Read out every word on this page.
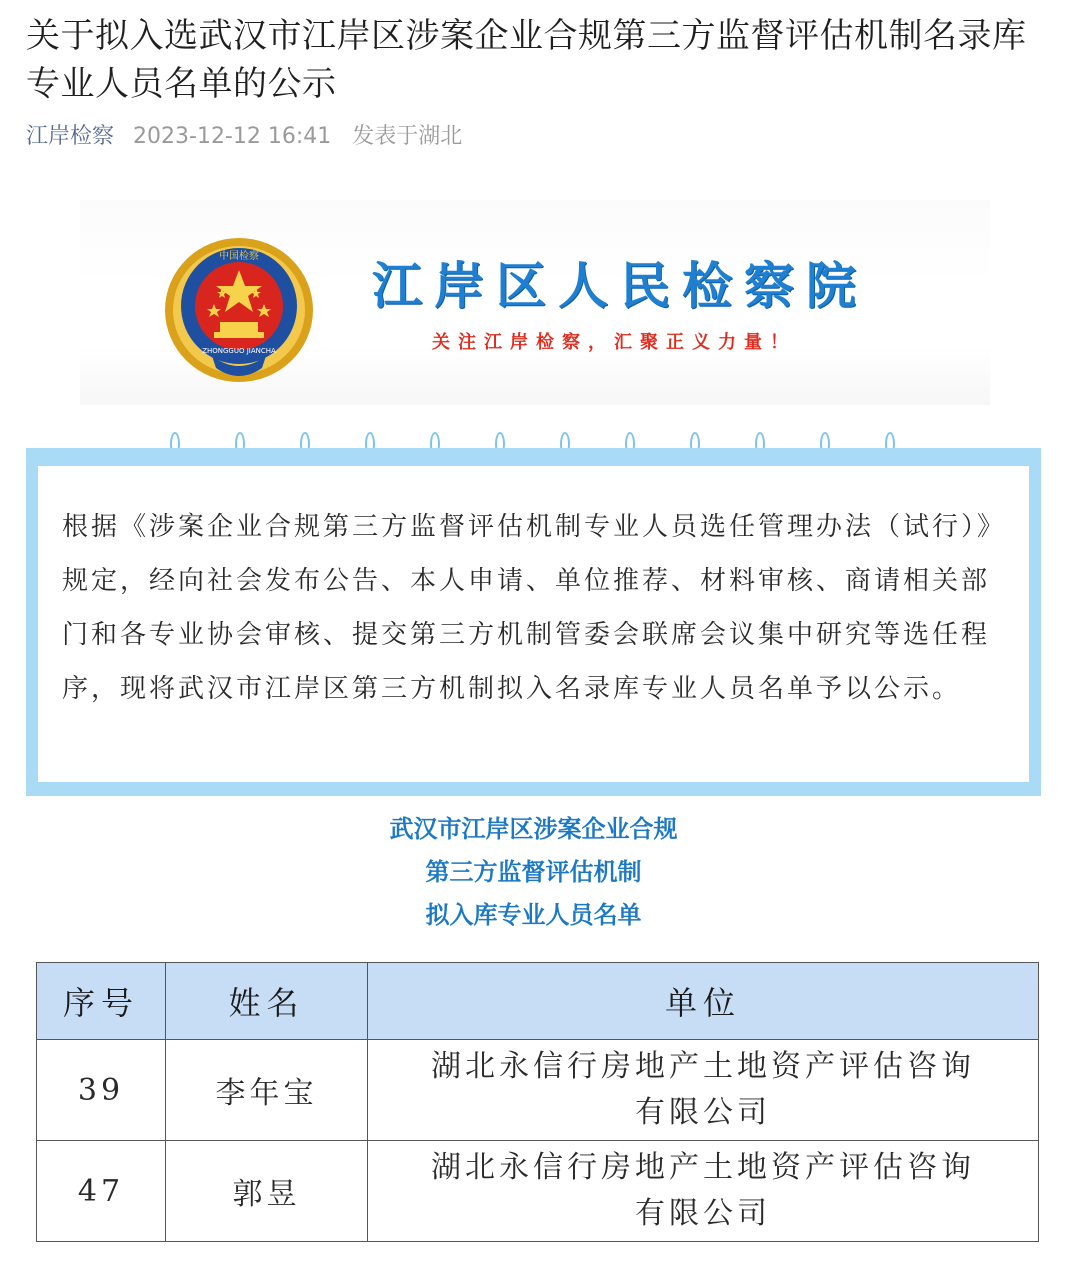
关于拟入选武汉市江岸区涉案企业合规第三方监督评估机制名录库专业人员名单的公示
江岸检察 2023-12-12 16:41 发表于湖北
中国检察
ZHONGGUO JIANCHA
江岸区人民检察院
关注江岸检察，汇聚正义力量！
根据《涉案企业合规第三方监督评估机制专业人员选任管理办法（试行）》规定，经向社会发布公告、本人申请、单位推荐、材料审核、商请相关部门和各专业协会审核、提交第三方机制管委会联席会议集中研究等选任程序，现将武汉市江岸区第三方机制拟入名录库专业人员名单予以公示。
武汉市江岸区涉案企业合规
第三方监督评估机制
拟入库专业人员名单
序号	姓名	单位
39	李年宝	湖北永信行房地产土地资产评估咨询
有限公司

47	郭昱	湖北永信行房地产土地资产评估咨询
有限公司
